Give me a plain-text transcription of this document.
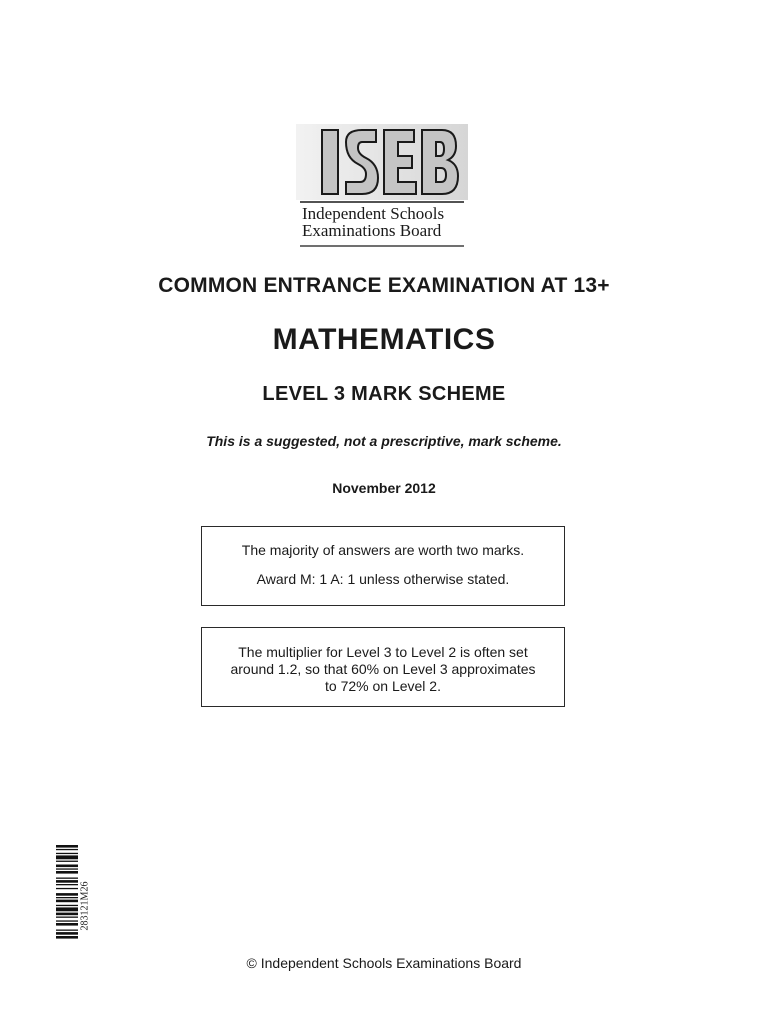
Independent Schools
Examinations Board
COMMON ENTRANCE EXAMINATION AT 13+
MATHEMATICS
LEVEL 3 MARK SCHEME
This is a suggested, not a prescriptive, mark scheme.
November 2012

The majority of answers are worth two marks.

Award M: 1 A: 1 unless otherwise stated.

The multiplier for Level 3 to Level 2 is often set

around 1.2, so that 60% on Level 3 approximates

to 72% on Level 2.

283121M26
© Independent Schools Examinations Board
